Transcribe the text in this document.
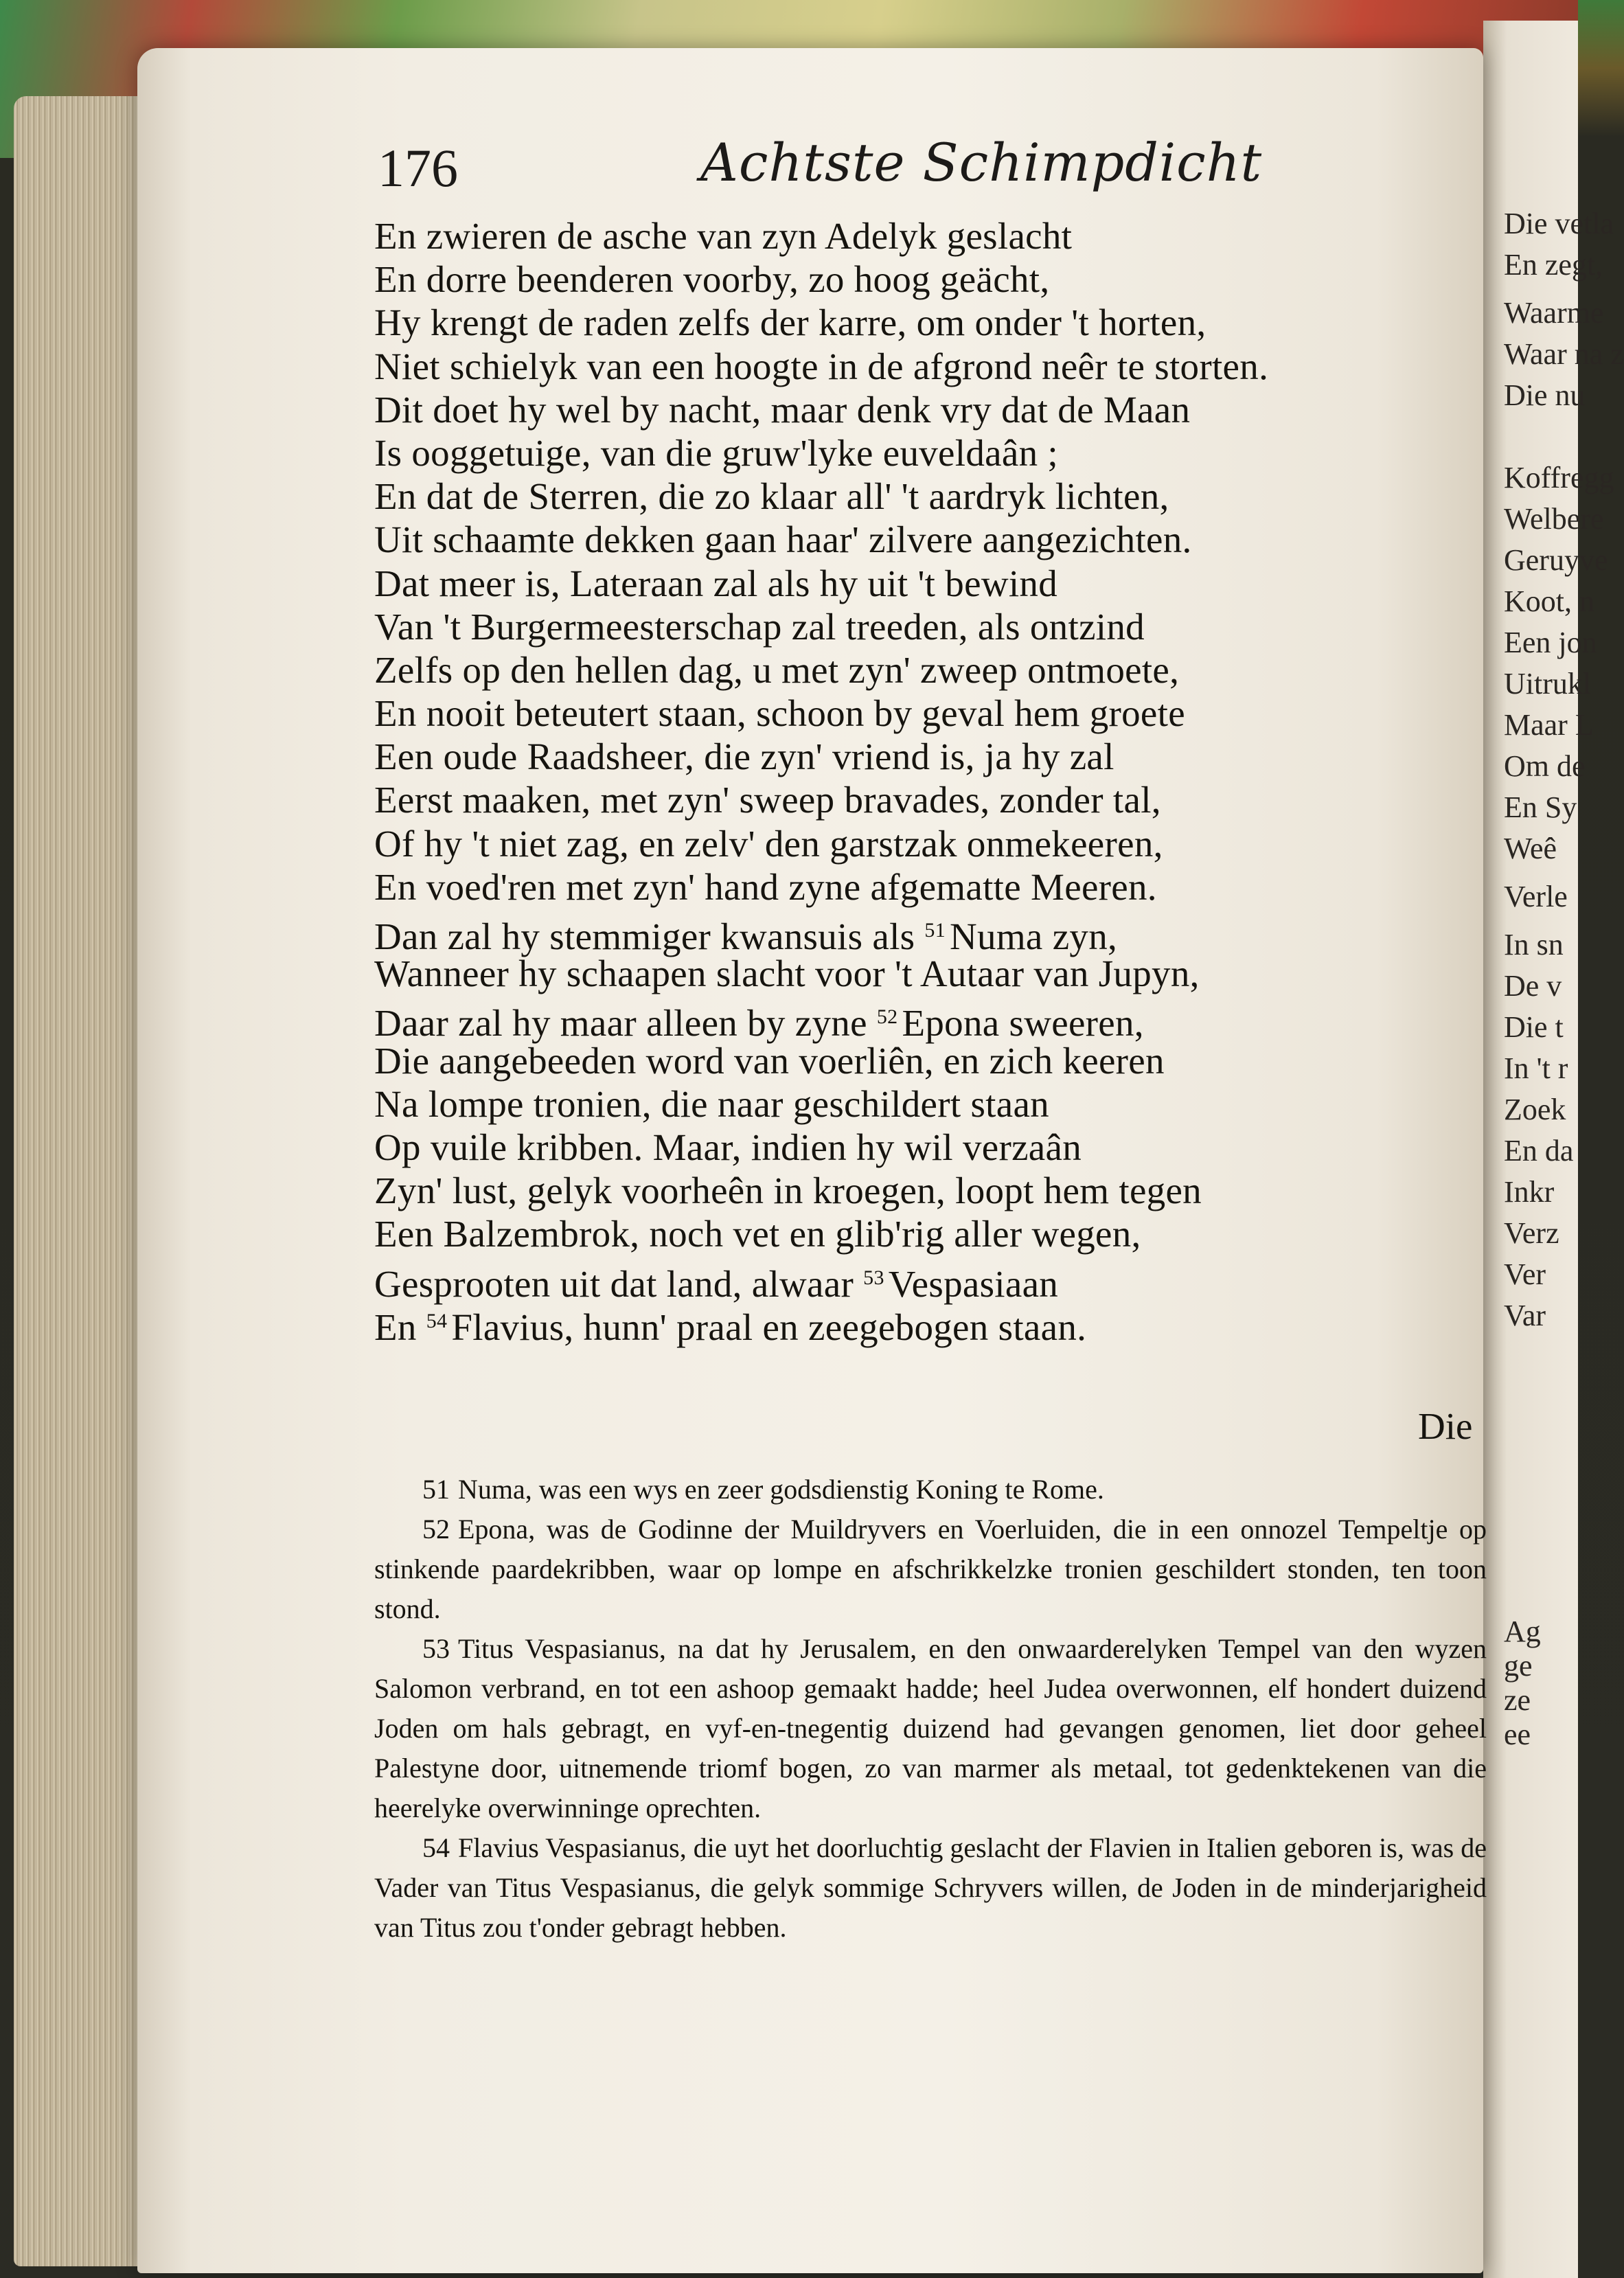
Die vetla
En zegt,
Waarme
Waar na z
Die nu
Koffregg
Welbere
Geruyve
Koot, n
Een jon
Uitrukl
Maar L
Om de
En Sy
Weê
Verle
In sn
De v
Die t
In 't r
Zoek
En da
Inkr
Verz
Ver
Var
Ag
ge
ze
ee
176	Achtste Schimpdicht
En zwieren de asche van zyn Adelyk geslacht
En dorre beenderen voorby, zo hoog geächt,
Hy krengt de raden zelfs der karre, om onder 't horten,
Niet schielyk van een hoogte in de afgrond neêr te storten.
Dit doet hy wel by nacht, maar denk vry dat de Maan
Is ooggetuige, van die gruw'lyke euveldaân ;
En dat de Sterren, die zo klaar all' 't aardryk lichten,
Uit schaamte dekken gaan haar' zilvere aangezichten.
Dat meer is, Lateraan zal als hy uit 't bewind
Van 't Burgermeesterschap zal treeden, als ontzind
Zelfs op den hellen dag, u met zyn' zweep ontmoete,
En nooit beteutert staan, schoon by geval hem groete
Een oude Raadsheer, die zyn' vriend is, ja hy zal
Eerst maaken, met zyn' sweep bravades, zonder tal,
Of hy 't niet zag, en zelv' den garstzak onmekeeren,
En voed'ren met zyn' hand zyne afgematte Meeren.
Dan zal hy stemmiger kwansuis als $^{51}$ Numa zyn,
Wanneer hy schaapen slacht voor 't Autaar van Jupyn,
Daar zal hy maar alleen by zyne $^{52}$ Epona sweeren,
Die aangebeeden word van voerliên, en zich keeren
Na lompe tronien, die naar geschildert staan
Op vuile kribben. Maar, indien hy wil verzaân
Zyn' lust, gelyk voorheên in kroegen, loopt hem tegen
Een Balzembrok, noch vet en glib'rig aller wegen,
Gesprooten uit dat land, alwaar $^{53}$ Vespasiaan
En $^{54}$ Flavius, hunn' praal en zeegebogen staan.
Die
51 Numa, was een wys en zeer godsdienstig Koning te Rome.
52 Epona, was de Godinne der Muildryvers en Voerluiden, die in een onnozel Tempeltje op stinkende paardekribben, waar op lompe en afschrikkelzke tronien geschildert stonden, ten toon stond.
53 Titus Vespasianus, na dat hy Jerusalem, en den onwaarderelyken Tempel van den wyzen Salomon verbrand, en tot een ashoop gemaakt hadde; heel Judea overwonnen, elf hondert duizend Joden om hals gebragt, en vyf-en-tnegentig duizend had gevangen genomen, liet door geheel Palestyne door, uitnemende triomf bogen, zo van marmer als metaal, tot gedenktekenen van die heerelyke overwinninge oprechten.
54 Flavius Vespasianus, die uyt het doorluchtig geslacht der Flavien in Italien geboren is, was de Vader van Titus Vespasianus, die gelyk sommige Schryvers willen, de Joden in de minderjarigheid van Titus zou t'onder gebragt hebben.
